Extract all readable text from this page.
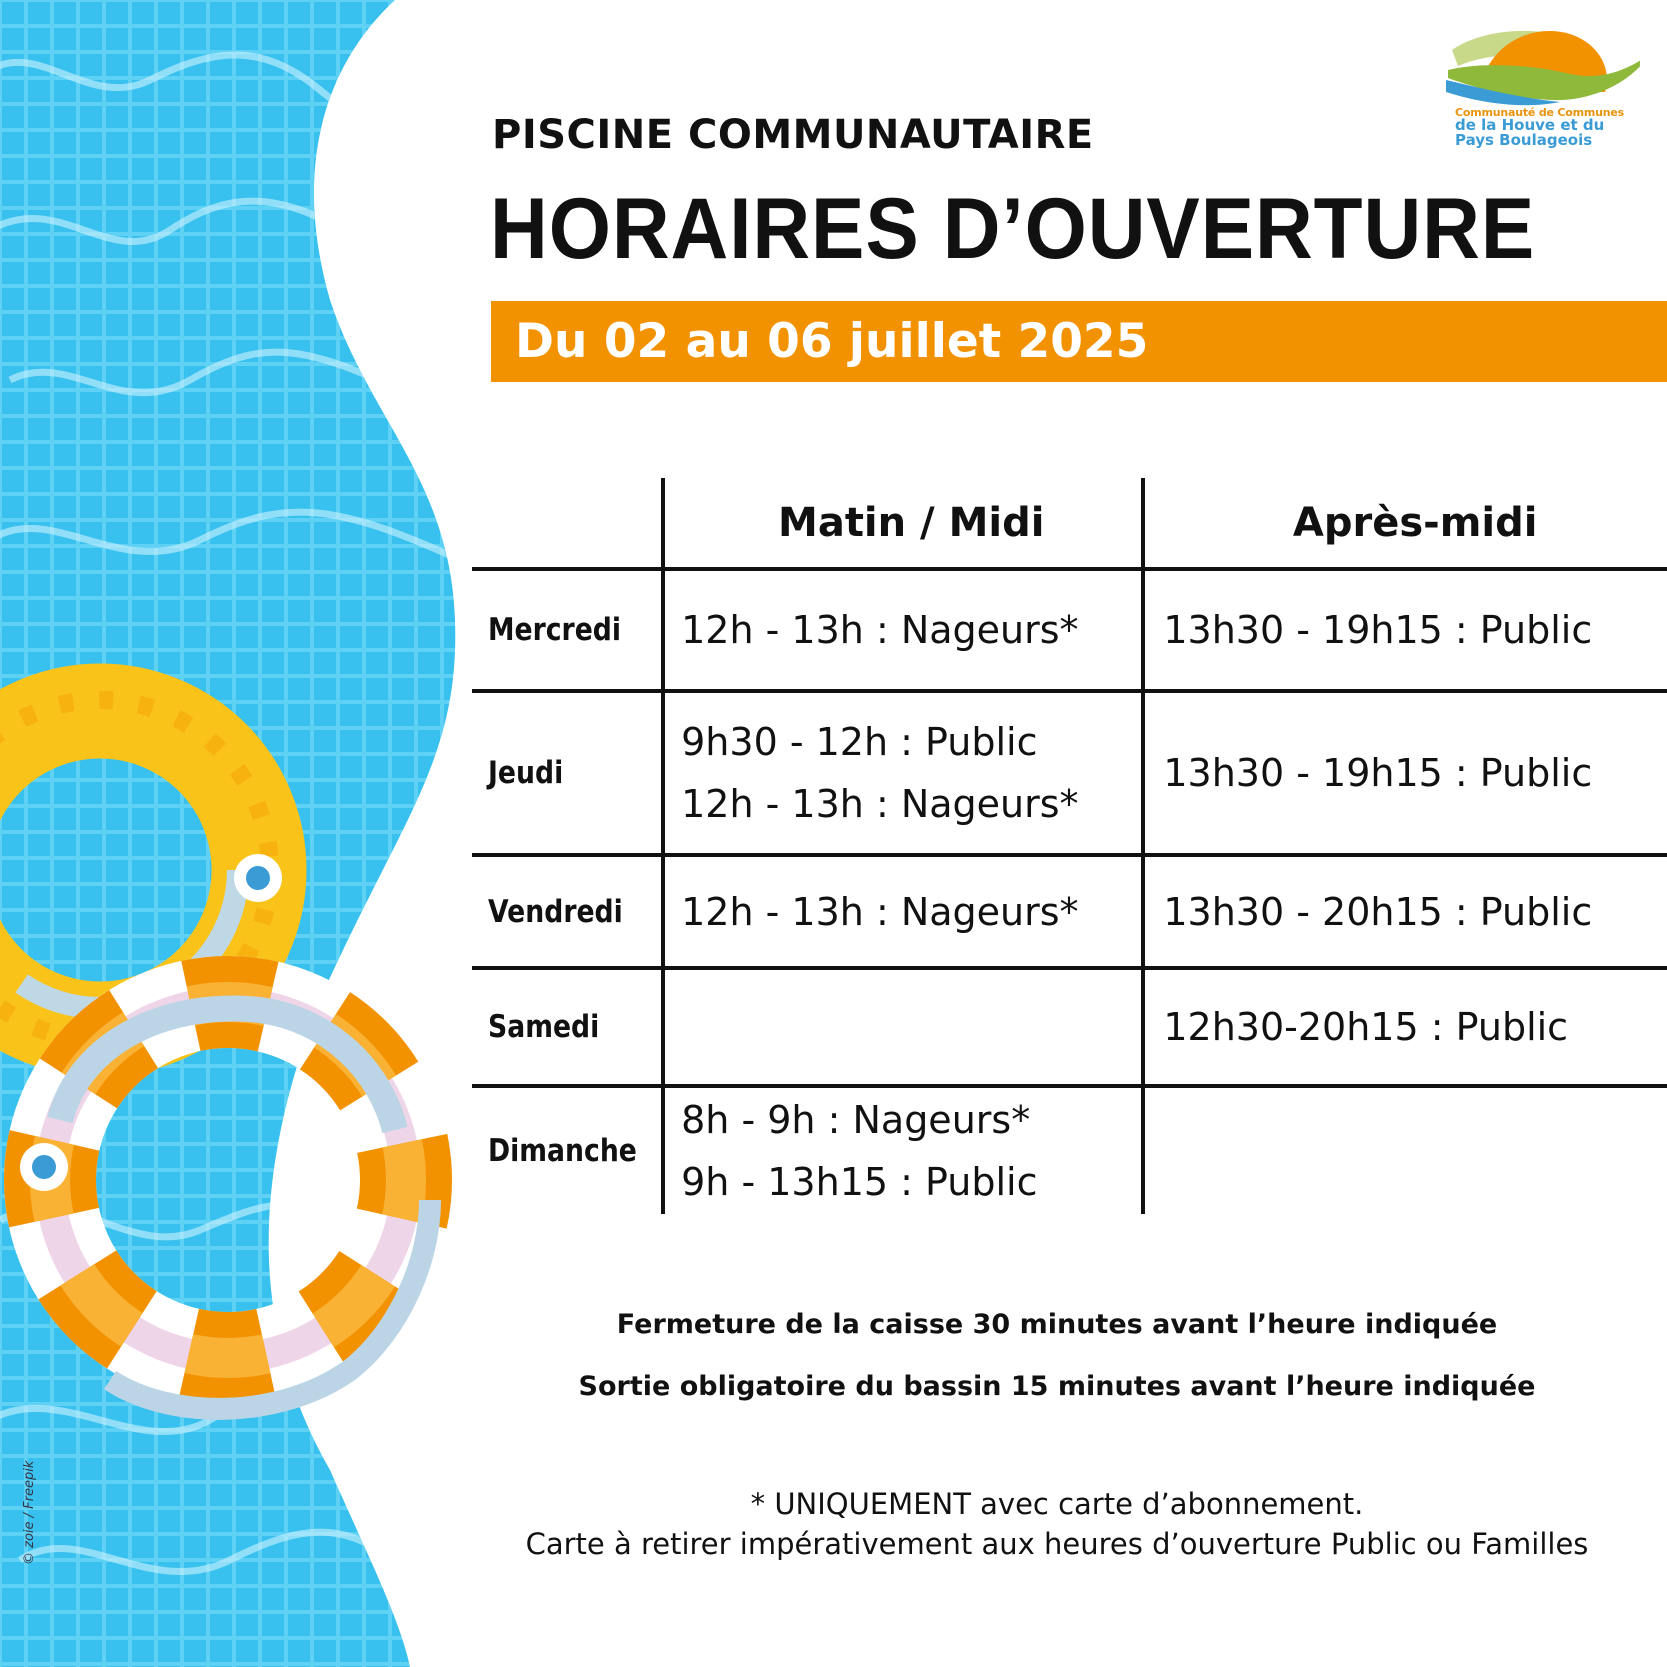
© zoie / Freepik
Communauté de Communes
de la Houve et du
Pays Boulageois
PISCINE COMMUNAUTAIRE
HORAIRES D’OUVERTURE
Du 02 au 06 juillet 2025
	Matin / Midi	Après-midi
Mercredi	12h - 13h : Nageurs*	13h30 - 19h15 : Public

Jeudi	9h30 - 12h : Public
12h - 13h : Nageurs*	13h30 - 19h15 : Public

Vendredi	12h - 13h : Nageurs*	13h30 - 20h15 : Public

Samedi		12h30-20h15 : Public

Dimanche	8h - 9h : Nageurs*
9h - 13h15 : Public	

Fermeture de la caisse 30 minutes avant l’heure indiquée

Sortie obligatoire du bassin 15 minutes avant l’heure indiquée

* UNIQUEMENT avec carte d’abonnement.

Carte à retirer impérativement aux heures d’ouverture Public ou Familles
